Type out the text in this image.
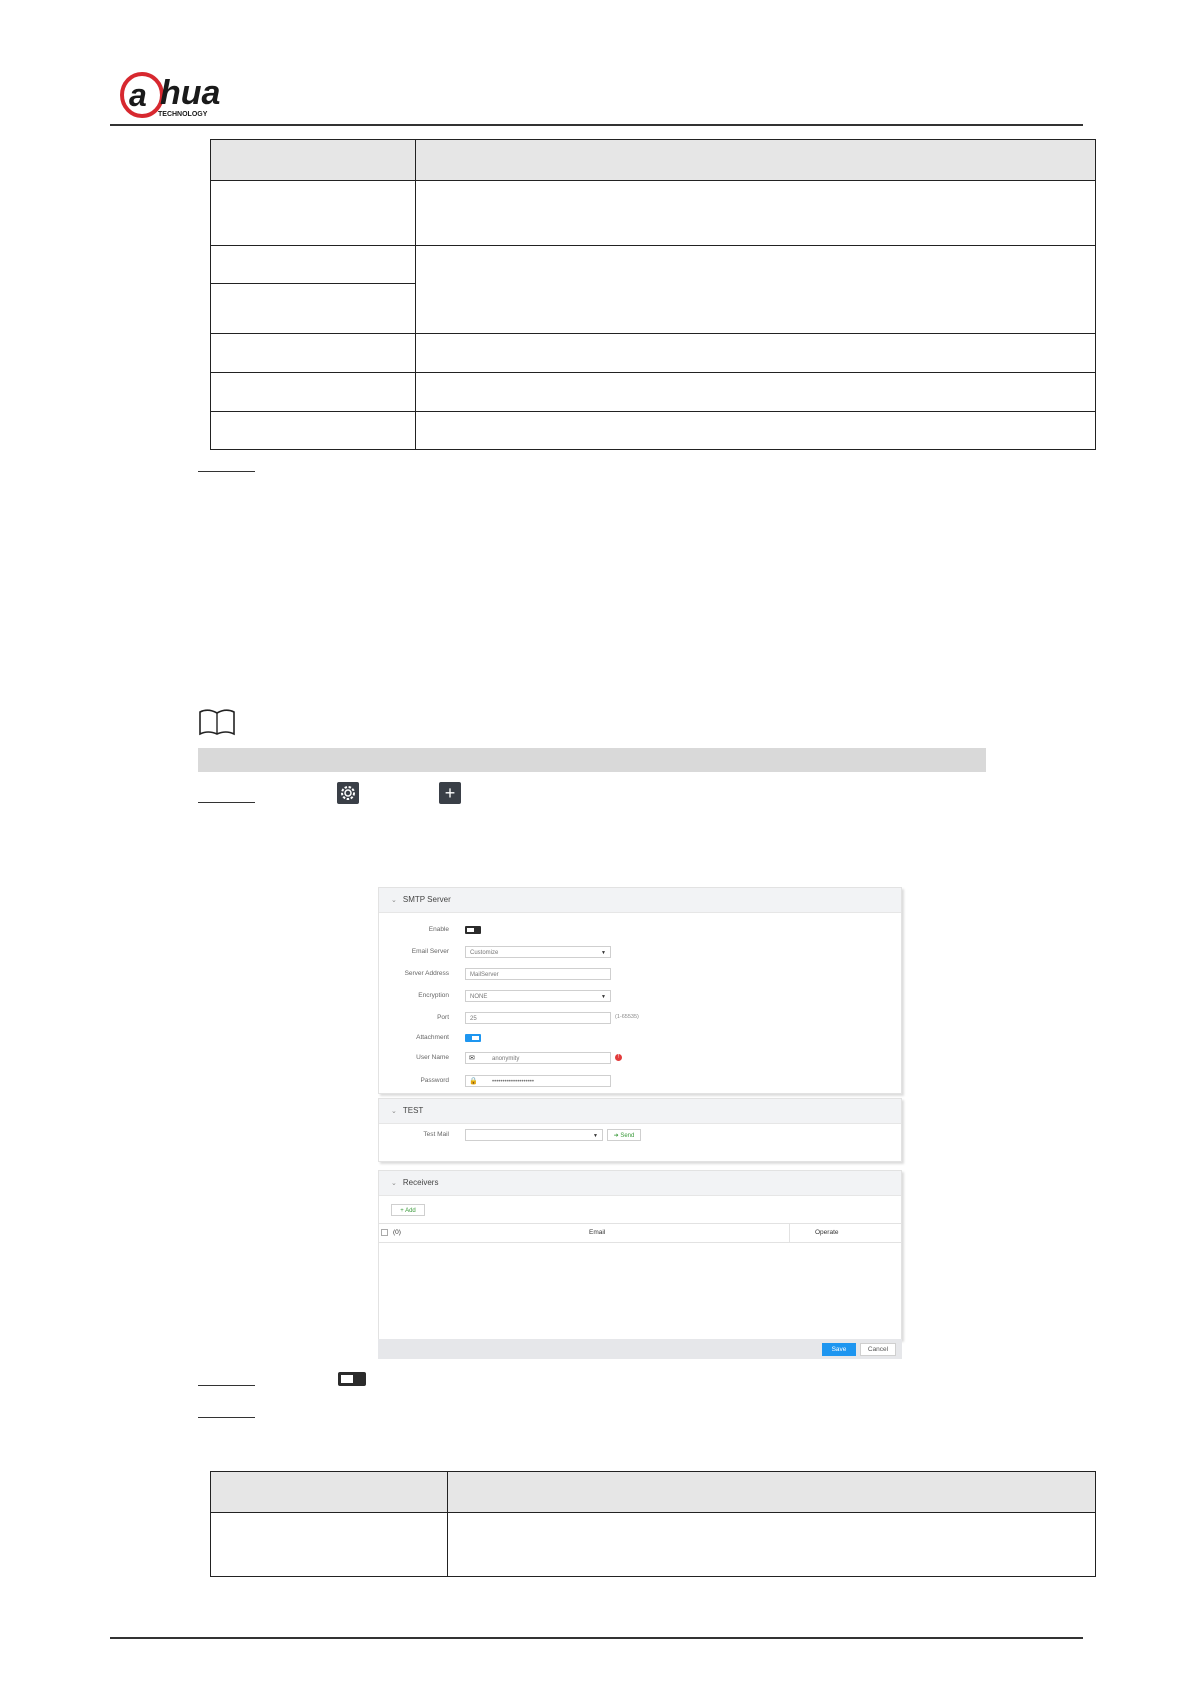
a hua
TECHNOLOGY

+
⌄ SMTP Server
Enable
Email Server	Customize	▼
Server Address	MailServer
Encryption	NONE	▼
Port	25	(1-65535)
Attachment
User Name	✉	anonymity	!
Password	🔒 ••••••••••••••••••••
⌄ TEST
Test Mail	▼	➜ Send
⌄ Receivers
+ Add
(0)	Email	Operate
Save	Cancel
